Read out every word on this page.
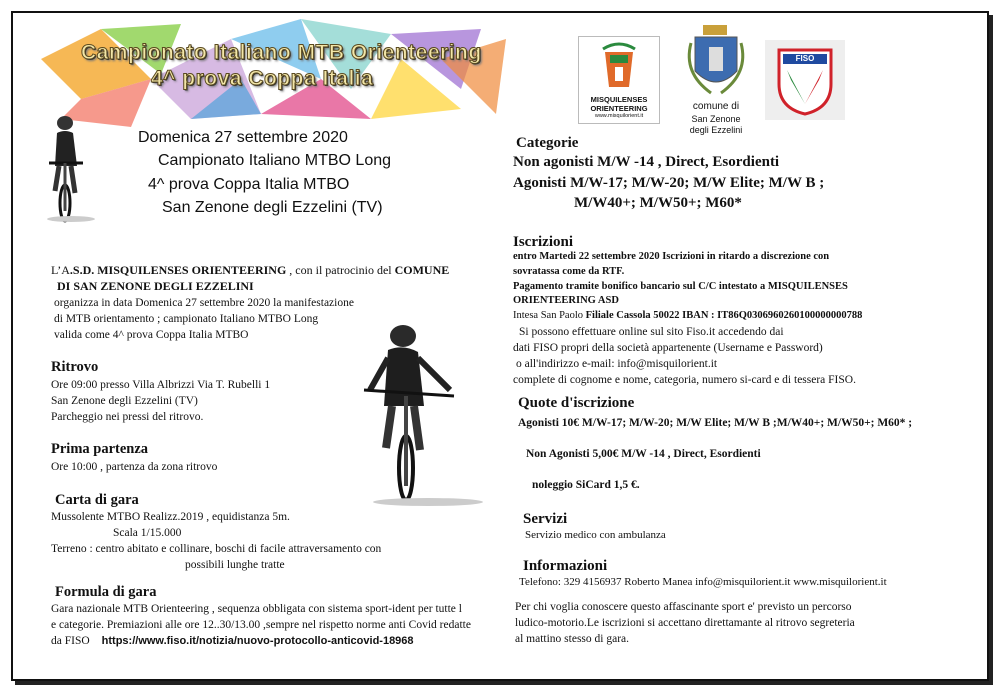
Campionato Italiano MTB Orienteering
4^ prova Coppa Italia
MISQUILENSES
ORIENTEERING
www.misquilorient.it
comune di
San Zenone
degli Ezzelini
FISO
Domenica 27 settembre 2020
Campionato Italiano MTBO Long
4^ prova Coppa Italia MTBO
San Zenone degli Ezzelini (TV)
L’A.S.D. MISQUILENSES ORIENTEERING , con il patrocinio del COMUNE
DI SAN ZENONE DEGLI EZZELINI
organizza in data Domenica 27 settembre 2020 la manifestazione
di MTB orientamento ; campionato Italiano MTBO Long
valida come 4^ prova Coppa Italia MTBO
Ritrovo
Ore 09:00 presso Villa Albrizzi Via T. Rubelli 1
San Zenone degli Ezzelini (TV)
Parcheggio nei pressi del ritrovo.
Prima partenza
Ore 10:00 , partenza da zona ritrovo
Carta di gara
Mussolente MTBO Realizz.2019 , equidistanza 5m.
Scala 1/15.000
Terreno : centro abitato e collinare, boschi di facile attraversamento con
possibili lunghe tratte
Formula di gara
Gara nazionale MTB Orienteering , sequenza obbligata con sistema sport-ident per tutte l
e categorie. Premiazioni alle ore 12..30/13.00 ,sempre nel rispetto norme anti Covid redatte
da FISO https://www.fiso.it/notizia/nuovo-protocollo-anticovid-18968
Categorie
Non agonisti M/W -14 , Direct, Esordienti
Agonisti M/W-17; M/W-20; M/W Elite; M/W B ;
M/W40+; M/W50+; M60*
Iscrizioni
entro Martedi 22 settembre 2020 Iscrizioni in ritardo a discrezione con
sovratassa come da RTF.
Pagamento tramite bonifico bancario sul C/C intestato a MISQUILENSES
ORIENTEERING ASD
Intesa San Paolo Filiale Cassola 50022 IBAN : IT86Q0306960260100000000788
Si possono effettuare online sul sito Fiso.it accedendo dai
dati FISO propri della società appartenente (Username e Password)
o all'indirizzo e-mail: info@misquilorient.it
complete di cognome e nome, categoria, numero si-card e di tessera FISO.
Quote d'iscrizione
Agonisti 10€ M/W-17; M/W-20; M/W Elite; M/W B ;M/W40+; M/W50+; M60* ;
Non Agonisti 5,00€ M/W -14 , Direct, Esordienti
noleggio SiCard 1,5 €.
Servizi
Servizio medico con ambulanza
Informazioni
Telefono: 329 4156937 Roberto Manea info@misquilorient.it www.misquilorient.it
Per chi voglia conoscere questo affascinante sport e' previsto un percorso
ludico-motorio.Le iscrizioni si accettano direttamante al ritrovo segreteria
al mattino stesso di gara.
